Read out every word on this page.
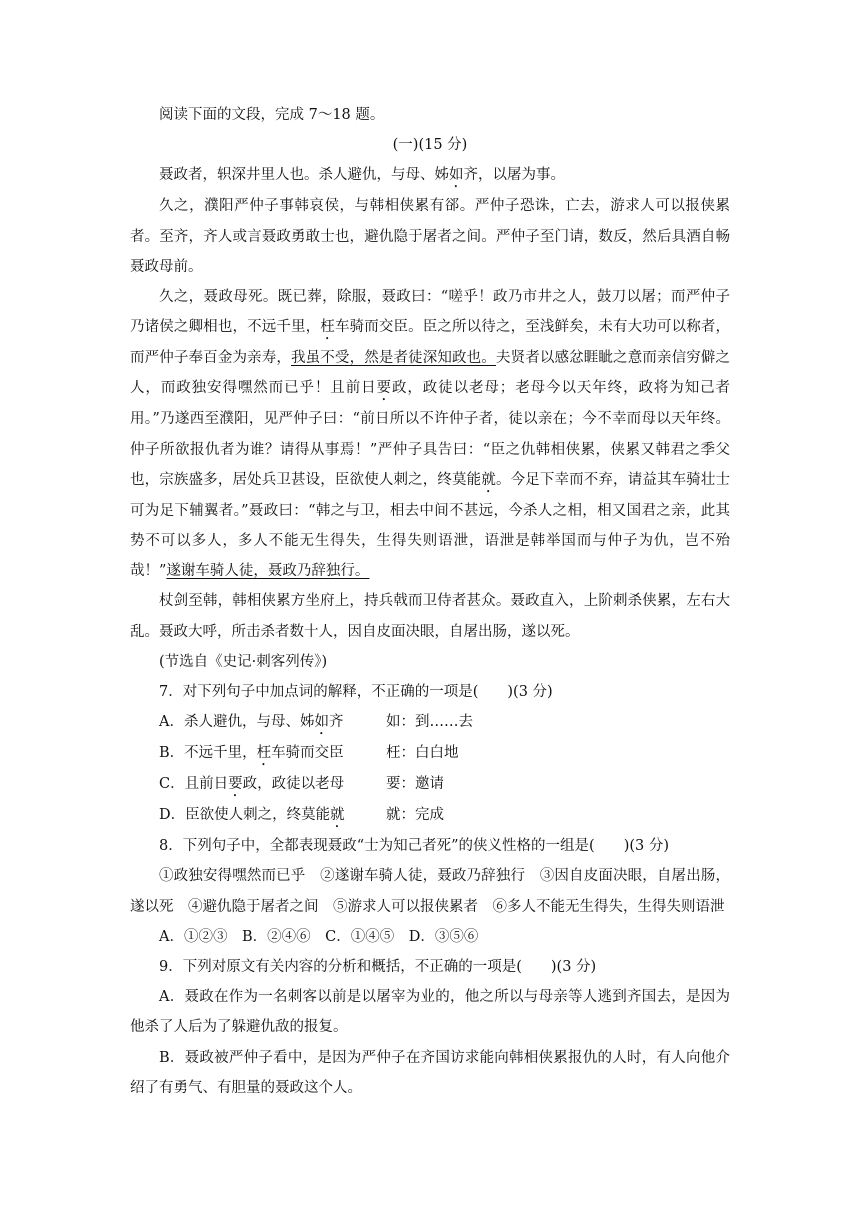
阅读下面的文段，完成 7～18 题。

(一)(15 分)

聂政者，轵深井里人也。杀人避仇，与母、姊如齐，以屠为事。

久之，濮阳严仲子事韩哀侯，与韩相侠累有郤。严仲子恐诛，亡去，游求人可以报侠累者。至齐，齐人或言聂政勇敢士也，避仇隐于屠者之间。严仲子至门请，数反，然后具酒自畅聂政母前。

久之，聂政母死。既已葬，除服，聂政曰：“嗟乎！政乃市井之人，鼓刀以屠；而严仲子乃诸侯之卿相也，不远千里，枉车骑而交臣。臣之所以待之，至浅鲜矣，未有大功可以称者，而严仲子奉百金为亲寿，我虽不受，然是者徒深知政也。夫贤者以感忿睚眦之意而亲信穷僻之人，而政独安得嘿然而已乎！且前日要政，政徒以老母；老母今以天年终，政将为知己者用。”乃遂西至濮阳，见严仲子曰：“前日所以不许仲子者，徒以亲在；今不幸而母以天年终。仲子所欲报仇者为谁？请得从事焉！”严仲子具告曰：“臣之仇韩相侠累，侠累又韩君之季父也，宗族盛多，居处兵卫甚设，臣欲使人刺之，终莫能就。今足下幸而不弃，请益其车骑壮士可为足下辅翼者。”聂政曰：“韩之与卫，相去中间不甚远，今杀人之相，相又国君之亲，此其势不可以多人，多人不能无生得失，生得失则语泄，语泄是韩举国而与仲子为仇，岂不殆哉！”遂谢车骑人徒，聂政乃辞独行。

杖剑至韩，韩相侠累方坐府上，持兵戟而卫侍者甚众。聂政直入，上阶刺杀侠累，左右大乱。聂政大呼，所击杀者数十人，因自皮面决眼，自屠出肠，遂以死。

(节选自《史记·刺客列传》)

7．对下列句子中加点词的解释，不正确的一项是(　　)(3 分)

A．杀人避仇，与母、姊如齐	如：到……去
B．不远千里，枉车骑而交臣	枉：白白地
C．且前日要政，政徒以老母	要：邀请
D．臣欲使人刺之，终莫能就	就：完成

8．下列句子中，全都表现聂政“士为知己者死”的侠义性格的一组是(　　)(3 分)

①政独安得嘿然而已乎　②遂谢车骑人徒，聂政乃辞独行　③因自皮面决眼，自屠出肠，遂以死　④避仇隐于屠者之间　⑤游求人可以报侠累者　⑥多人不能无生得失，生得失则语泄

A．①②③　B．②④⑥　C．①④⑤　D．③⑤⑥

9．下列对原文有关内容的分析和概括，不正确的一项是(　　)(3 分)

A．聂政在作为一名刺客以前是以屠宰为业的，他之所以与母亲等人逃到齐国去，是因为他杀了人后为了躲避仇敌的报复。

B．聂政被严仲子看中，是因为严仲子在齐国访求能向韩相侠累报仇的人时，有人向他介绍了有勇气、有胆量的聂政这个人。
